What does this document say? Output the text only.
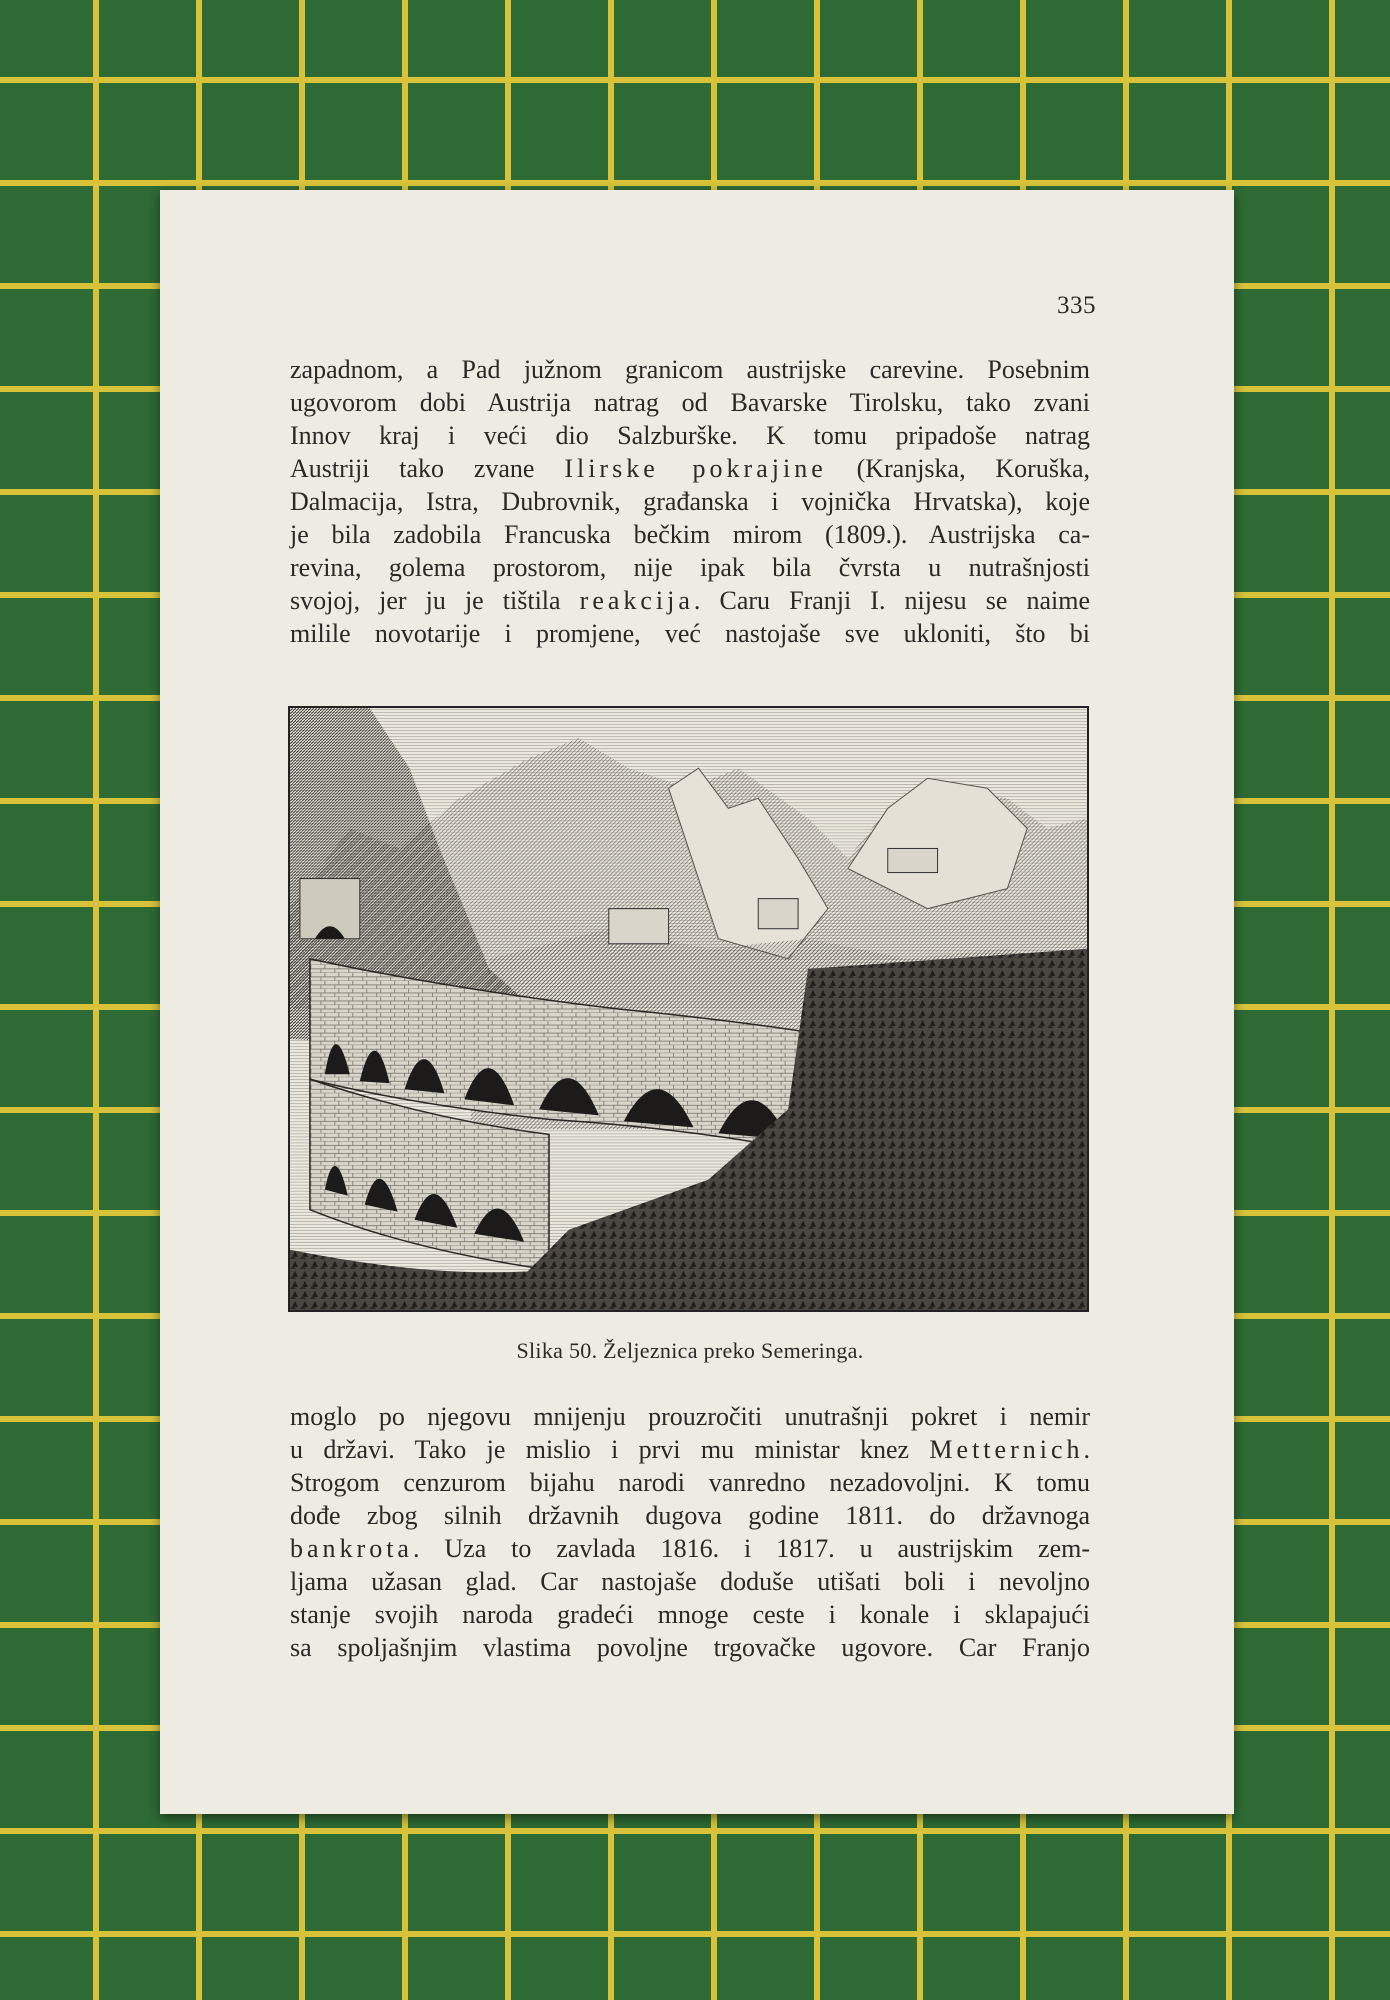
335
zapadnom, a Pad južnom granicom austrijske carevine. Posebnim
ugovorom dobi Austrija natrag od Bavarske Tirolsku, tako zvani
Innov kraj i veći dio Salzburške. K tomu pripadoše natrag
Austriji tako zvane Ilirske pokrajine (Kranjska, Koruška,
Dalmacija, Istra, Dubrovnik, građanska i vojnička Hrvatska), koje
je bila zadobila Francuska bečkim mirom (1809.). Austrijska ca-
revina, golema prostorom, nije ipak bila čvrsta u nutrašnjosti
svojoj, jer ju je tištila reakcija. Caru Franji I. nijesu se naime
milile novotarije i promjene, već nastojaše sve ukloniti, što bi
Slika 50. Željeznica preko Semeringa.
moglo po njegovu mnijenju prouzročiti unutrašnji pokret i nemir
u državi. Tako je mislio i prvi mu ministar knez Metternich.
Strogom cenzurom bijahu narodi vanredno nezadovoljni. K tomu
dođe zbog silnih državnih dugova godine 1811. do državnoga
bankrota. Uza to zavlada 1816. i 1817. u austrijskim zem-
ljama užasan glad. Car nastojaše doduše utišati boli i nevoljno
stanje svojih naroda gradeći mnoge ceste i konale i sklapajući
sa spoljašnjim vlastima povoljne trgovačke ugovore. Car Franjo
